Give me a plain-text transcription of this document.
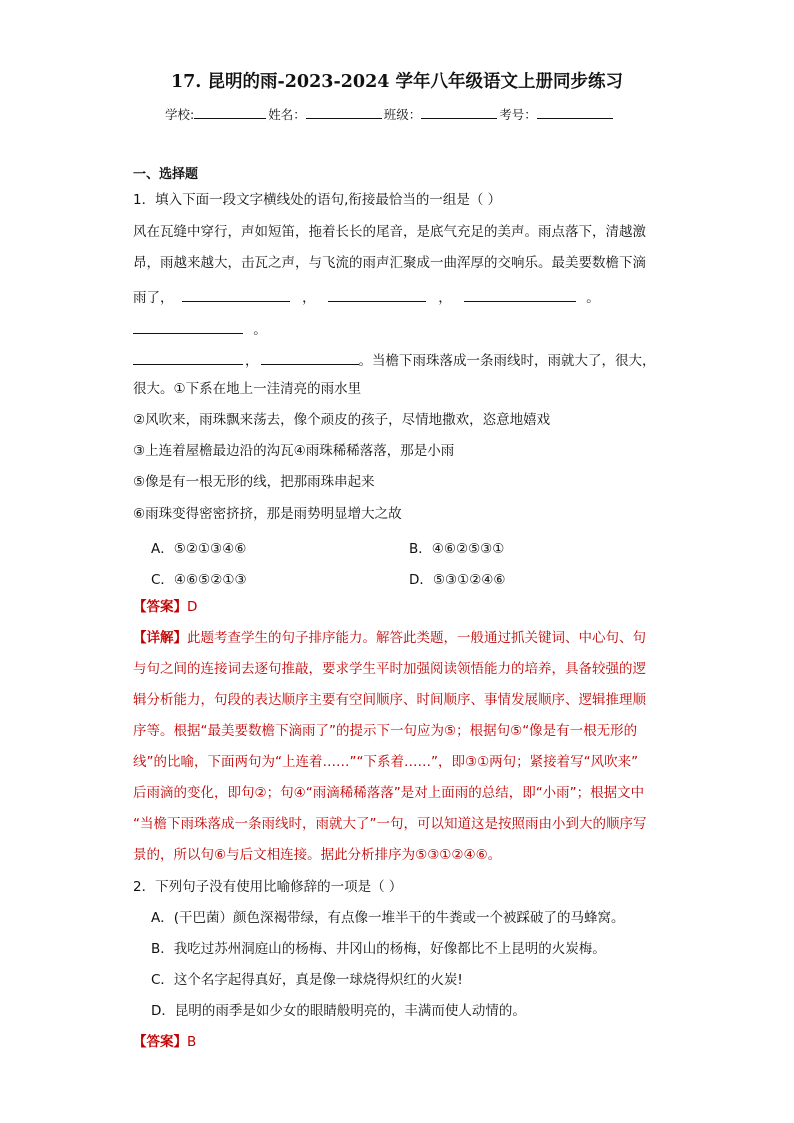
17. 昆明的雨-2023-2024 学年八年级语文上册同步练习
学校:	姓名：	班级：	考号：
一、选择题
1．填入下面一段文字横线处的语句,衔接最恰当的一组是（ ）
风在瓦缝中穿行，声如短笛，拖着长长的尾音，是底气充足的美声。雨点落下，清越激
昂，雨越来越大，击瓦之声，与飞流的雨声汇聚成一曲浑厚的交响乐。最美要数檐下滴
雨了，	，	，	。
。
，	。当檐下雨珠落成一条雨线时，雨就大了，很大，
很大。①下系在地上一洼清亮的雨水里
②风吹来，雨珠飘来荡去，像个顽皮的孩子，尽情地撒欢，恣意地嬉戏
③上连着屋檐最边沿的沟瓦④雨珠稀稀落落，那是小雨
⑤像是有一根无形的线，把那雨珠串起来
⑥雨珠变得密密挤挤，那是雨势明显增大之故
A．⑤②①③④⑥	B．④⑥②⑤③①
C．④⑥⑤②①③	D．⑤③①②④⑥
【答案】D
【详解】此题考查学生的句子排序能力。解答此类题，一般通过抓关键词、中心句、句
与句之间的连接词去逐句推敲，要求学生平时加强阅读领悟能力的培养，具备较强的逻
辑分析能力，句段的表达顺序主要有空间顺序、时间顺序、事情发展顺序、逻辑推理顺
序等。根据“最美要数檐下滴雨了”的提示下一句应为⑤；根据句⑤“像是有一根无形的
线”的比喻，下面两句为“上连着……”“下系着……”，即③①两句；紧接着写“风吹来”
后雨滴的变化，即句②；句④“雨滴稀稀落落”是对上面雨的总结，即“小雨”；根据文中
“当檐下雨珠落成一条雨线时，雨就大了”一句，可以知道这是按照雨由小到大的顺序写
景的，所以句⑥与后文相连接。据此分析排序为⑤③①②④⑥。
2．下列句子没有使用比喻修辞的一项是（ ）
A．(干巴菌）颜色深褐带绿，有点像一堆半干的牛粪或一个被踩破了的马蜂窝。
B．我吃过苏州洞庭山的杨梅、井冈山的杨梅，好像都比不上昆明的火炭梅。
C．这个名字起得真好，真是像一球烧得炽红的火炭!
D．昆明的雨季是如少女的眼睛般明亮的，丰满而使人动情的。
【答案】B
